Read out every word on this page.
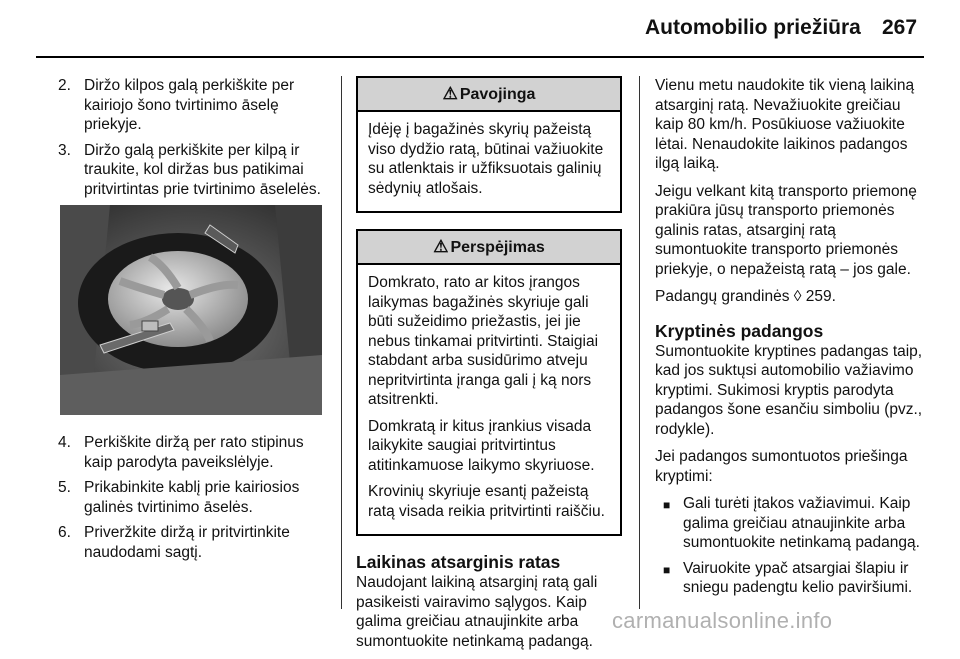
Automobilio priežiūra 267
2. Diržo kilpos galą perkiškite per kairiojo šono tvirtinimo āselę priekyje.
3. Diržo galą perkiškite per kilpą ir traukite, kol diržas bus patikimai pritvirtintas prie tvirtinimo āselelės.
4. Perkiškite diržą per rato stipinus kaip parodyta paveikslėlyje.
5. Prikabinkite kablį prie kairiosios galinės tvirtinimo āselės.
6. Priveržkite diržą ir pritvirtinkite naudodami sagtį.
⚠ Pavojinga

Įdėję į bagažinės skyrių pažeistą viso dydžio ratą, būtinai važiuokite su atlenktais ir užfiksuotais galinių sėdynių atlošais.

⚠ Perspėjimas

Domkrato, rato ar kitos įrangos laikymas bagažinės skyriuje gali būti sužeidimo priežastis, jei jie nebus tinkamai pritvirtinti. Staigiai stabdant arba susidūrimo atveju nepritvirtinta įranga gali į ką nors atsitrenkti.

Domkratą ir kitus įrankius visada laikykite saugiai pritvirtintus atitinkamuose laikymo skyriuose.

Krovinių skyriuje esantį pažeistą ratą visada reikia pritvirtinti raiščiu.

Laikinas atsarginis ratas

Naudojant laikiną atsarginį ratą gali pasikeisti vairavimo sąlygos. Kaip galima greičiau atnaujinkite arba sumontuokite netinkamą padangą.

Vienu metu naudokite tik vieną laikiną atsarginį ratą. Nevažiuokite greičiau kaip 80 km/h. Posūkiuose važiuokite lėtai. Nenaudokite laikinos padangos ilgą laiką.

Jeigu velkant kitą transporto priemonę prakiūra jūsų transporto priemonės galinis ratas, atsarginį ratą sumontuokite transporto priemonės priekyje, o nepažeistą ratą – jos gale.

Padangų grandinės ◊ 259.

Kryptinės padangos

Sumontuokite kryptines padangas taip, kad jos suktųsi automobilio važiavimo kryptimi. Sukimosi kryptis parodyta padangos šone esančiu simboliu (pvz., rodykle).

Jei padangos sumontuotos priešinga kryptimi:

■ Gali turėti įtakos važiavimui. Kaip galima greičiau atnaujinkite arba sumontuokite netinkamą padangą.
■ Vairuokite ypač atsargiai šlapiu ir sniegu padengtu kelio paviršiumi.
carmanualsonline.info
